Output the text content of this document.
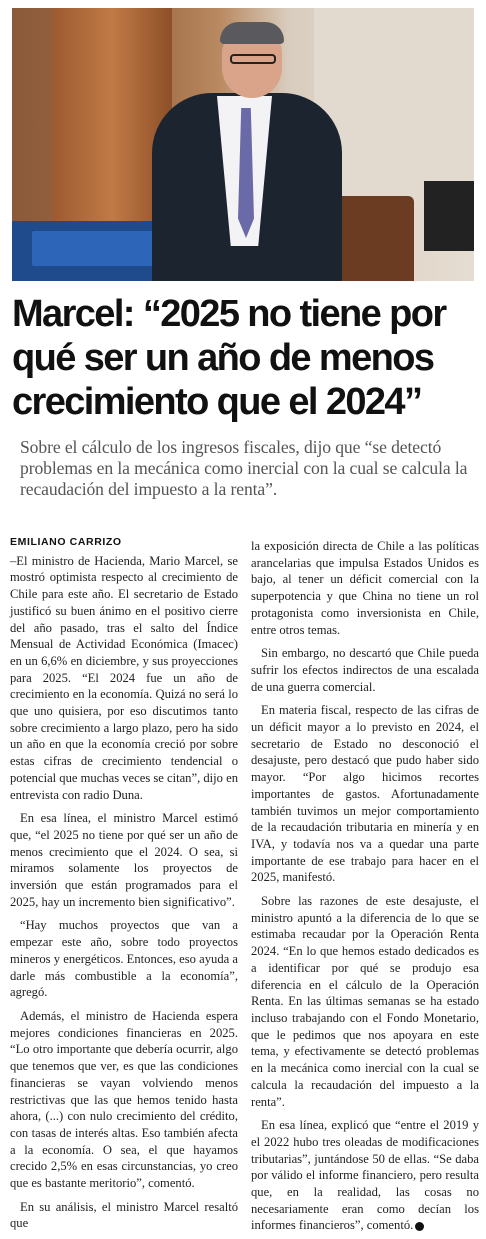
Marcel: “2025 no tiene por qué ser un año de menos crecimiento que el 2024”

Sobre el cálculo de los ingresos fiscales, dijo que “se detectó problemas en la mecánica como inercial con la cual se calcula la recaudación del impuesto a la renta”.

EMILIANO CARRIZO

–El ministro de Hacienda, Mario Marcel, se mostró optimista respecto al crecimiento de Chile para este año. El secretario de Estado justificó su buen ánimo en el positivo cierre del año pasado, tras el salto del Índice Mensual de Actividad Económica (Imacec) en un 6,6% en diciembre, y sus proyecciones para 2025. “El 2024 fue un año de crecimiento en la economía. Quizá no será lo que uno quisiera, por eso discutimos tanto sobre crecimiento a largo plazo, pero ha sido un año en que la economía creció por sobre estas cifras de crecimiento tendencial o potencial que muchas veces se citan”, dijo en entrevista con radio Duna.

En esa línea, el ministro Marcel estimó que, “el 2025 no tiene por qué ser un año de menos crecimiento que el 2024. O sea, si miramos solamente los proyectos de inversión que están programados para el 2025, hay un incremento bien significativo”.

“Hay muchos proyectos que van a empezar este año, sobre todo proyectos mineros y energéticos. Entonces, eso ayuda a darle más combustible a la economía”, agregó.

Además, el ministro de Hacienda espera mejores condiciones financieras en 2025. “Lo otro importante que debería ocurrir, algo que tenemos que ver, es que las condiciones financieras se vayan volviendo menos restrictivas que las que hemos tenido hasta ahora, (...) con nulo crecimiento del crédito, con tasas de interés altas. Eso también afecta a la economía. O sea, el que hayamos crecido 2,5% en esas circunstancias, yo creo que es bastante meritorio”, comentó.

En su análisis, el ministro Marcel resaltó que

la exposición directa de Chile a las políticas arancelarias que impulsa Estados Unidos es bajo, al tener un déficit comercial con la superpotencia y que China no tiene un rol protagonista como inversionista en Chile, entre otros temas.

Sin embargo, no descartó que Chile pueda sufrir los efectos indirectos de una escalada de una guerra comercial.

En materia fiscal, respecto de las cifras de un déficit mayor a lo previsto en 2024, el secretario de Estado no desconoció el desajuste, pero destacó que pudo haber sido mayor. “Por algo hicimos recortes importantes de gastos. Afortunadamente también tuvimos un mejor comportamiento de la recaudación tributaria en minería y en IVA, y todavía nos va a quedar una parte importante de ese trabajo para hacer en el 2025, manifestó.

Sobre las razones de este desajuste, el ministro apuntó a la diferencia de lo que se estimaba recaudar por la Operación Renta 2024. “En lo que hemos estado dedicados es a identificar por qué se produjo esa diferencia en el cálculo de la Operación Renta. En las últimas semanas se ha estado incluso trabajando con el Fondo Monetario, que le pedimos que nos apoyara en este tema, y efectivamente se detectó problemas en la mecánica como inercial con la cual se calcula la recaudación del impuesto a la renta”.

En esa línea, explicó que “entre el 2019 y el 2022 hubo tres oleadas de modificaciones tributarias”, juntándose 50 de ellas. “Se daba por válido el informe financiero, pero resulta que, en la realidad, las cosas no necesariamente eran como decían los informes financieros”, comentó.
